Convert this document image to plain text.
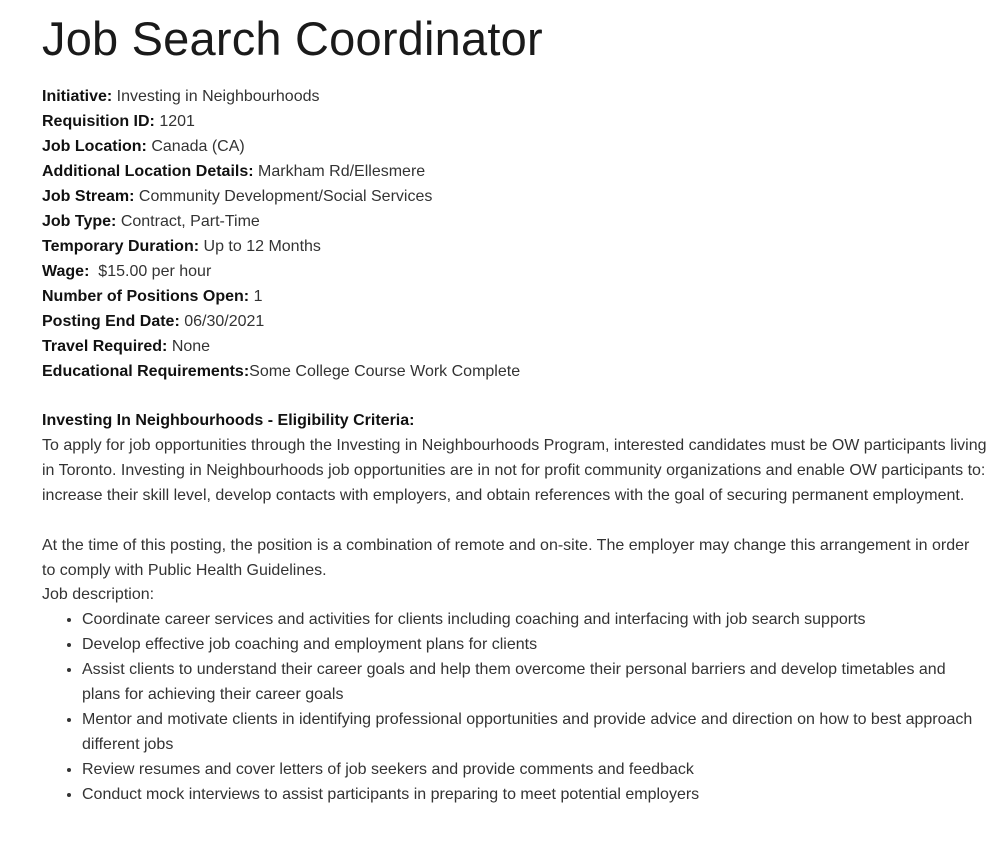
Job Search Coordinator
Initiative: Investing in Neighbourhoods
Requisition ID: 1201
Job Location: Canada (CA)
Additional Location Details: Markham Rd/Ellesmere
Job Stream: Community Development/Social Services
Job Type: Contract, Part-Time
Temporary Duration: Up to 12 Months
Wage:  $15.00 per hour
Number of Positions Open: 1
Posting End Date: 06/30/2021
Travel Required: None
Educational Requirements:Some College Course Work Complete
Investing In Neighbourhoods - Eligibility Criteria:
To apply for job opportunities through the Investing in Neighbourhoods Program, interested candidates must be OW participants living in Toronto. Investing in Neighbourhoods job opportunities are in not for profit community organizations and enable OW participants to: increase their skill level, develop contacts with employers, and obtain references with the goal of securing permanent employment.
At the time of this posting, the position is a combination of remote and on-site. The employer may change this arrangement in order to comply with Public Health Guidelines.
Job description:
• Coordinate career services and activities for clients including coaching and interfacing with job search supports
• Develop effective job coaching and employment plans for clients
• Assist clients to understand their career goals and help them overcome their personal barriers and develop timetables and plans for achieving their career goals
• Mentor and motivate clients in identifying professional opportunities and provide advice and direction on how to best approach different jobs
• Review resumes and cover letters of job seekers and provide comments and feedback
• Conduct mock interviews to assist participants in preparing to meet potential employers
